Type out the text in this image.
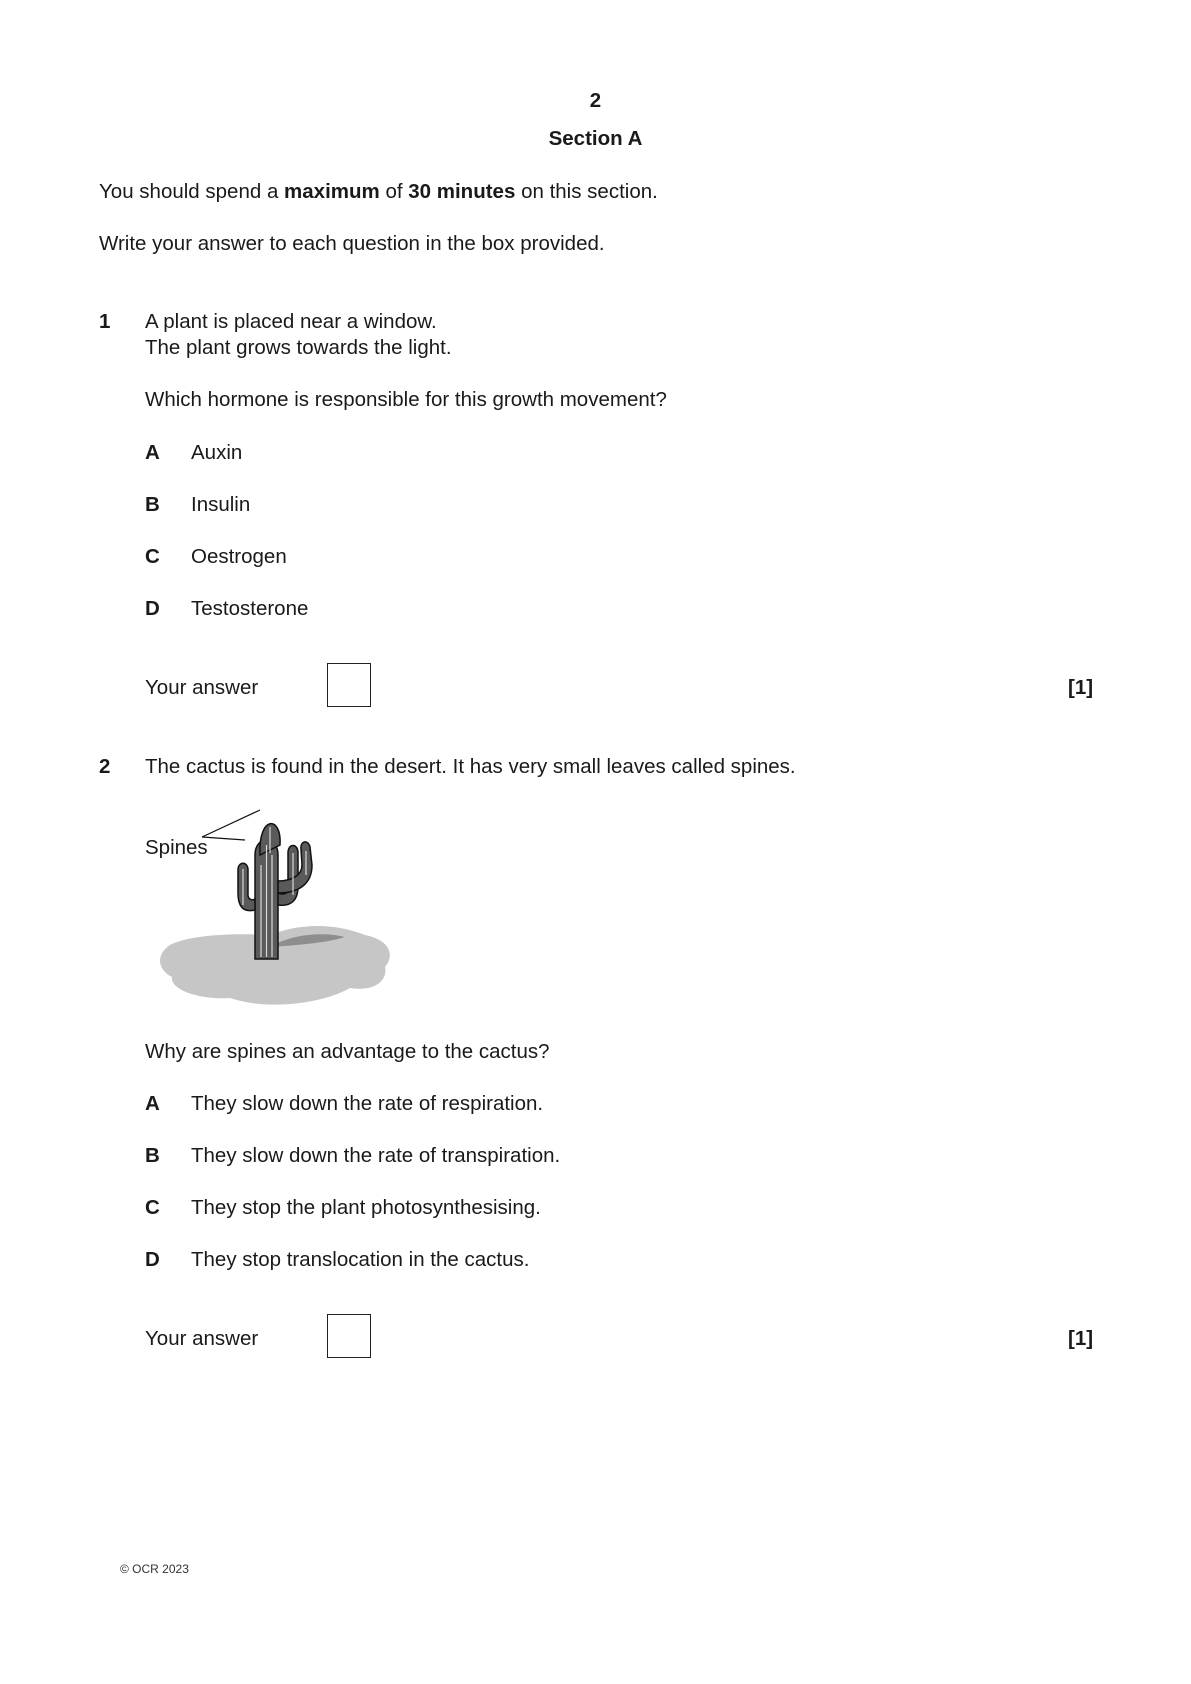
2
Section A
You should spend a maximum of 30 minutes on this section.
Write your answer to each question in the box provided.
1 A plant is placed near a window.
The plant grows towards the light.
Which hormone is responsible for this growth movement?
A Auxin
B Insulin
C Oestrogen
D Testosterone
Your answer	[1]
2 The cactus is found in the desert. It has very small leaves called spines.
Spines
Why are spines an advantage to the cactus?
A They slow down the rate of respiration.
B They slow down the rate of transpiration.
C They stop the plant photosynthesising.
D They stop translocation in the cactus.
Your answer	[1]
© OCR 2023
